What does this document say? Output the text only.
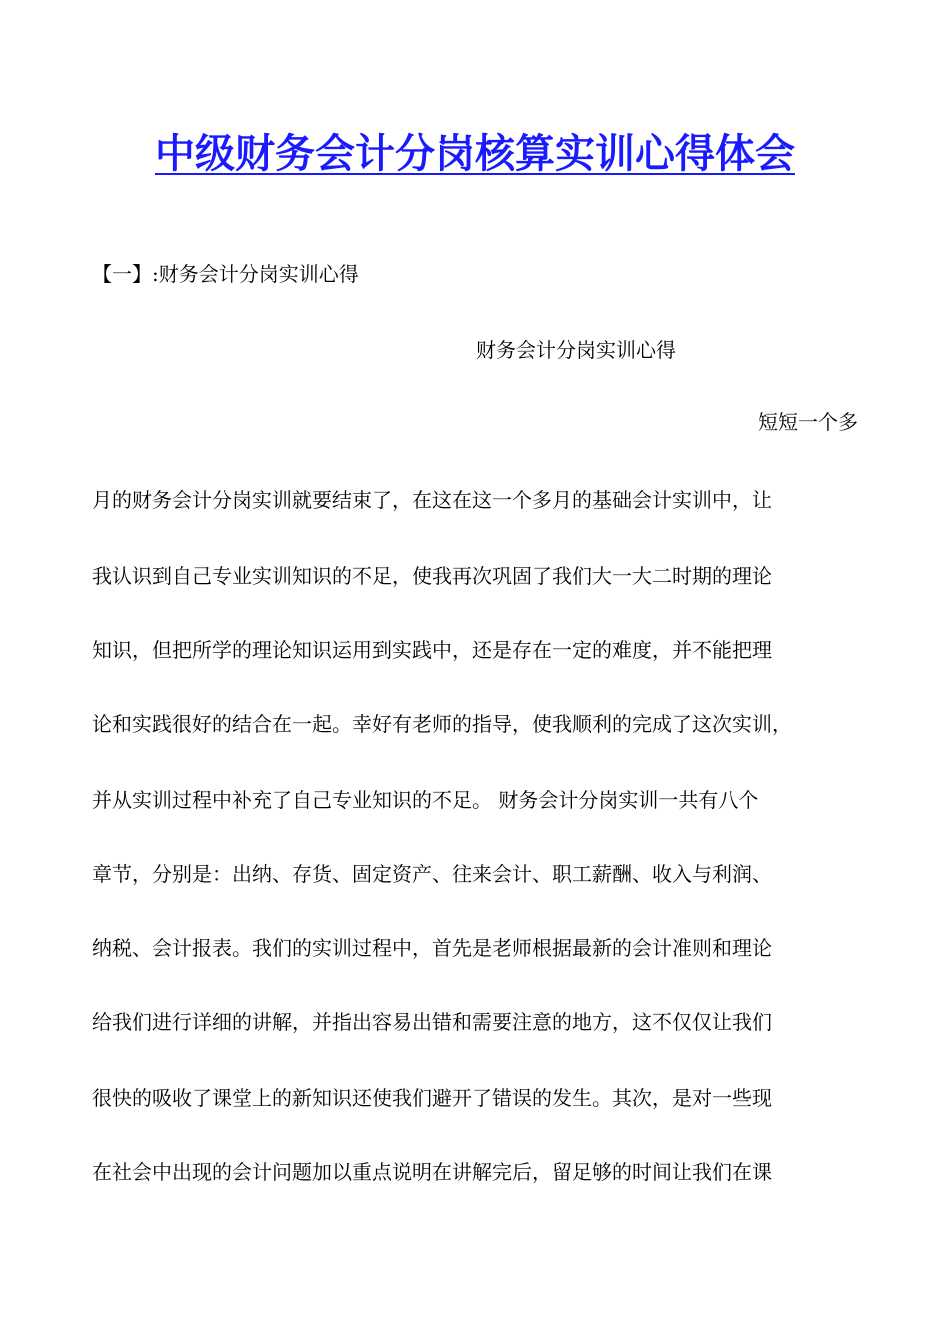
中级财务会计分岗核算实训心得体会

【一】:财务会计分岗实训心得

财务会计分岗实训心得

短短一个多

月的财务会计分岗实训就要结束了，在这在这一个多月的基础会计实训中，让

我认识到自己专业实训知识的不足，使我再次巩固了我们大一大二时期的理论

知识，但把所学的理论知识运用到实践中，还是存在一定的难度，并不能把理

论和实践很好的结合在一起。幸好有老师的指导，使我顺利的完成了这次实训，

并从实训过程中补充了自己专业知识的不足。 财务会计分岗实训一共有八个

章节，分别是：出纳、存货、固定资产、往来会计、职工薪酬、收入与利润、

纳税、会计报表。我们的实训过程中，首先是老师根据最新的会计准则和理论

给我们进行详细的讲解，并指出容易出错和需要注意的地方，这不仅仅让我们

很快的吸收了课堂上的新知识还使我们避开了错误的发生。其次，是对一些现

在社会中出现的会计问题加以重点说明在讲解完后，留足够的时间让我们在课
